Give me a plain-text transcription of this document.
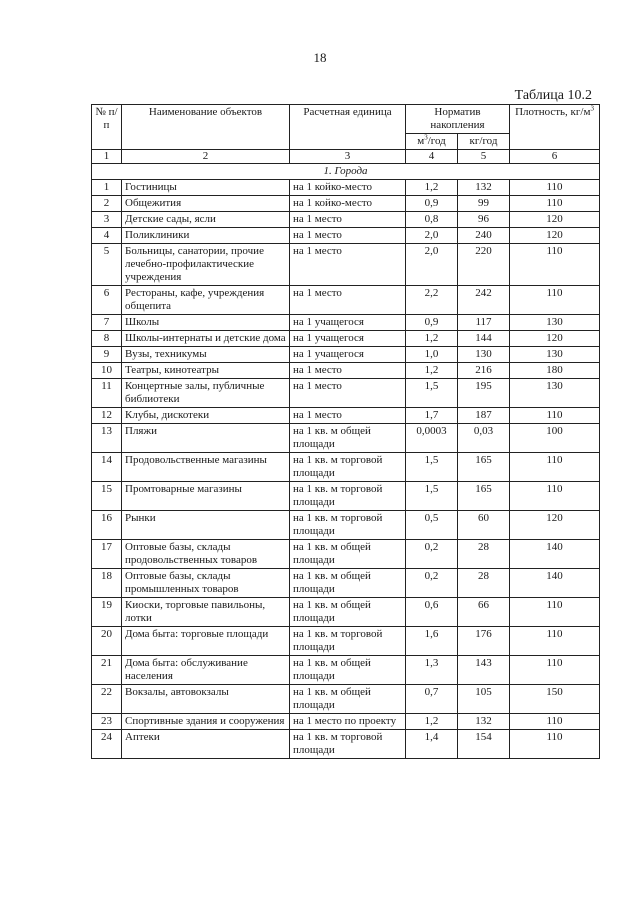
18
Таблица 10.2
№ п/п	Наименование объектов	Расчетная единица	Норматив накопления		Плотность, $кг/м^3$
			$м^3$/год	кг/год	
1	2	3	4	5	6
1. Города					
1	Гостиницы	на 1 койко-место	1,2	132	110
2	Общежития	на 1 койко-место	0,9	99	110
3	Детские сады, ясли	на 1 место	0,8	96	120
4	Поликлиники	на 1 место	2,0	240	120
5	Больницы, санатории, прочие лечебно-профилактические учреждения	на 1 место	2,0	220	110
6	Рестораны, кафе, учреждения общепита	на 1 место	2,2	242	110
7	Школы	на 1 учащегося	0,9	117	130
8	Школы-интернаты и детские дома	на 1 учащегося	1,2	144	120
9	Вузы, техникумы	на 1 учащегося	1,0	130	130
10	Театры, кинотеатры	на 1 место	1,2	216	180
11	Концертные залы, публичные библиотеки	на 1 место	1,5	195	130
12	Клубы, дискотеки	на 1 место	1,7	187	110
13	Пляжи	на 1 кв. м общей площади	0,0003	0,03	100
14	Продовольственные магазины	на 1 кв. м торговой площади	1,5	165	110
15	Промтоварные магазины	на 1 кв. м торговой площади	1,5	165	110
16	Рынки	на 1 кв. м торговой площади	0,5	60	120
17	Оптовые базы, склады продовольственных товаров	на 1 кв. м общей площади	0,2	28	140
18	Оптовые базы, склады промышленных товаров	на 1 кв. м общей площади	0,2	28	140
19	Киоски, торговые павильоны, лотки	на 1 кв. м общей площади	0,6	66	110
20	Дома быта: торговые площади	на 1 кв. м торговой площади	1,6	176	110
21	Дома быта: обслуживание населения	на 1 кв. м общей площади	1,3	143	110
22	Вокзалы, автовокзалы	на 1 кв. м общей площади	0,7	105	150
23	Спортивные здания и сооружения	на 1 место по проекту	1,2	132	110
24	Аптеки	на 1 кв. м торговой площади	1,4	154	110
